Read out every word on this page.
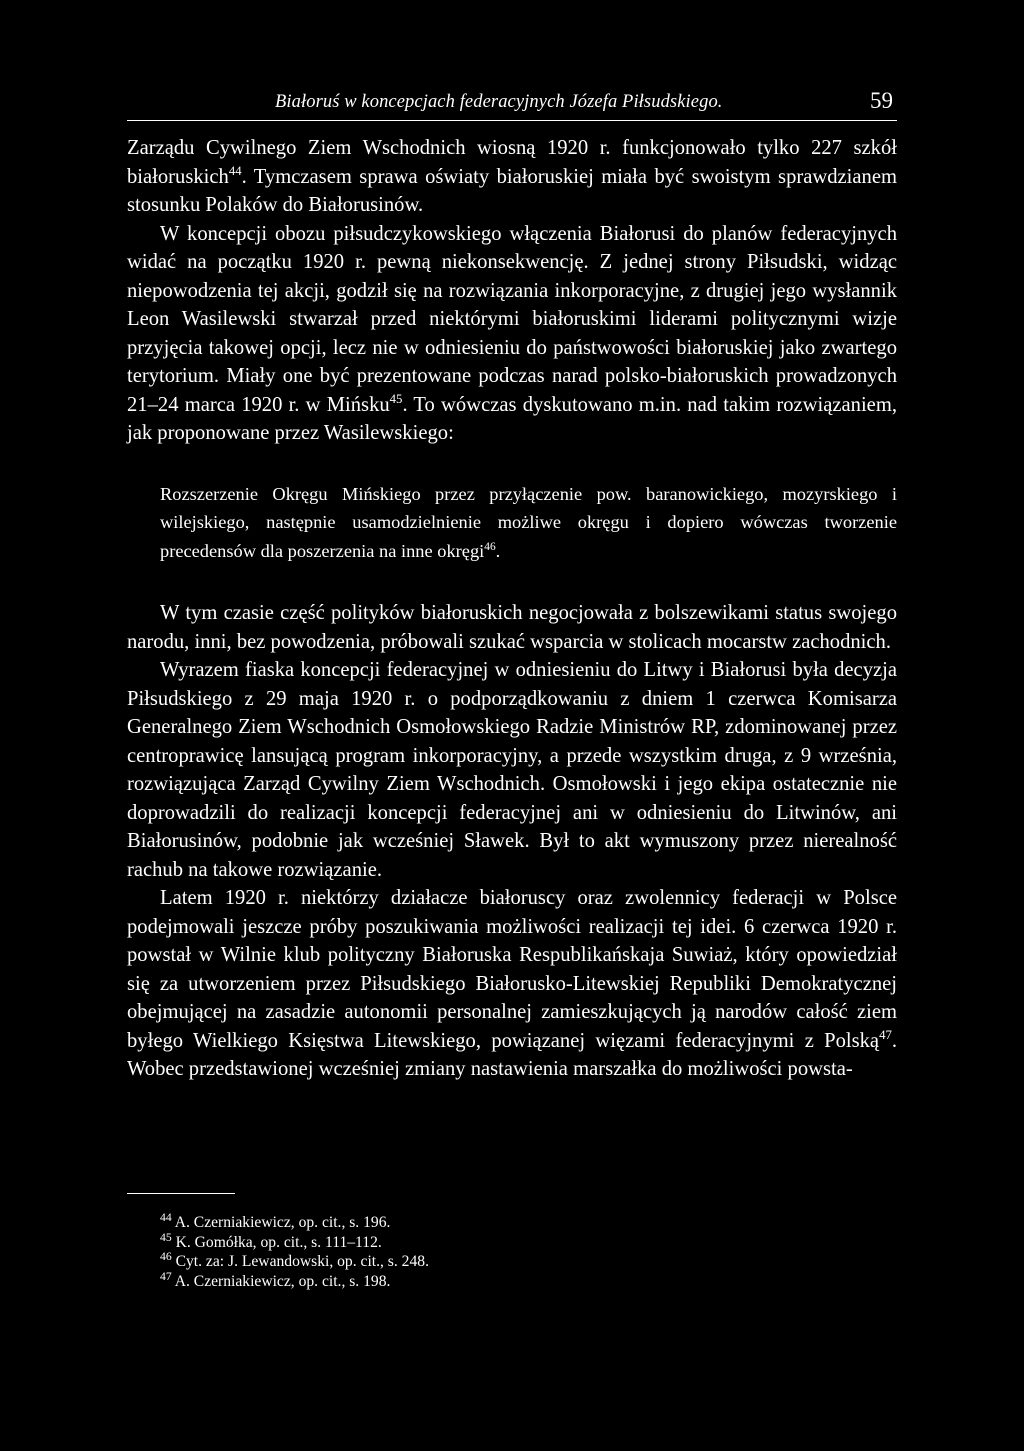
Białoruś w koncepcjach federacyjnych Józefa Piłsudskiego.	59

Zarządu Cywilnego Ziem Wschodnich wiosną 1920 r. funkcjonowało tylko 227 szkół białoruskich$^{44}$. Tymczasem sprawa oświaty białoruskiej miała być swoistym sprawdzianem stosunku Polaków do Białorusinów.

W koncepcji obozu piłsudczykowskiego włączenia Białorusi do planów federacyjnych widać na początku 1920 r. pewną niekonsekwencję. Z jednej strony Piłsudski, widząc niepowodzenia tej akcji, godził się na rozwiązania inkorporacyjne, z drugiej jego wysłannik Leon Wasilewski stwarzał przed niektórymi białoruskimi liderami politycznymi wizje przyjęcia takowej opcji, lecz nie w odniesieniu do państwowości białoruskiej jako zwartego terytorium. Miały one być prezentowane podczas narad polsko-białoruskich prowadzonych 21–24 marca 1920 r. w Mińsku$^{45}$. To wówczas dyskutowano m.in. nad takim rozwiązaniem, jak proponowane przez Wasilewskiego:

Rozszerzenie Okręgu Mińskiego przez przyłączenie pow. baranowickiego, mozyrskiego i wilejskiego, następnie usamodzielnienie możliwe okręgu i dopiero wówczas tworzenie precedensów dla poszerzenia na inne okręgi$^{46}$.

W tym czasie część polityków białoruskich negocjowała z bolszewikami status swojego narodu, inni, bez powodzenia, próbowali szukać wsparcia w stolicach mocarstw zachodnich.

Wyrazem fiaska koncepcji federacyjnej w odniesieniu do Litwy i Białorusi była decyzja Piłsudskiego z 29 maja 1920 r. o podporządkowaniu z dniem 1 czerwca Komisarza Generalnego Ziem Wschodnich Osmołowskiego Radzie Ministrów RP, zdominowanej przez centroprawicę lansującą program inkorporacyjny, a przede wszystkim druga, z 9 września, rozwiązująca Zarząd Cywilny Ziem Wschodnich. Osmołowski i jego ekipa ostatecznie nie doprowadzili do realizacji koncepcji federacyjnej ani w odniesieniu do Litwinów, ani Białorusinów, podobnie jak wcześniej Sławek. Był to akt wymuszony przez nierealność rachub na takowe rozwiązanie.

Latem 1920 r. niektórzy działacze białoruscy oraz zwolennicy federacji w Polsce podejmowali jeszcze próby poszukiwania możliwości realizacji tej idei. 6 czerwca 1920 r. powstał w Wilnie klub polityczny Białoruska Respublikańskaja Suwiaż, który opowiedział się za utworzeniem przez Piłsudskiego Białorusko-Litewskiej Republiki Demokratycznej obejmującej na zasadzie autonomii personalnej zamieszkujących ją narodów całość ziem byłego Wielkiego Księstwa Litewskiego, powiązanej więzami federacyjnymi z Polską$^{47}$. Wobec przedstawionej wcześniej zmiany nastawienia marszałka do możliwości powsta-

$^{44}$ A. Czerniakiewicz, op. cit., s. 196.
$^{45}$ K. Gomółka, op. cit., s. 111–112.
$^{46}$ Cyt. za: J. Lewandowski, op. cit., s. 248.
$^{47}$ A. Czerniakiewicz, op. cit., s. 198.
